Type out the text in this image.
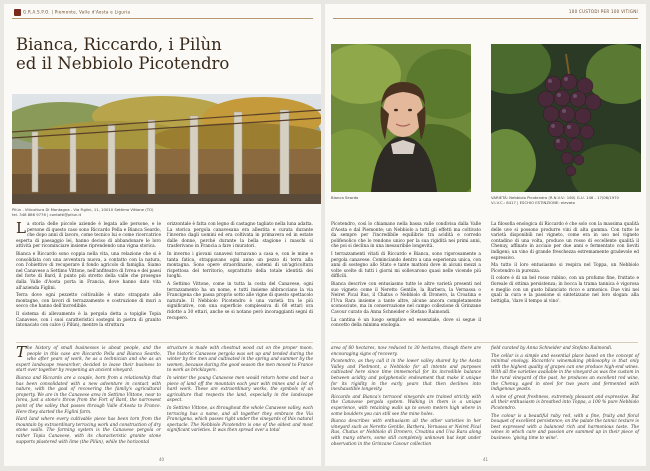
G.R.A.S.P.O. | Piemonte, Valle d'Aosta e Liguria
Bianca, Riccardo, i Pilùn
ed il Nebbiolo Picotendro
Pilùn - Viticoltura Di Montagna - Via Figlini, 11, 10010 Settimo Vittone (TO)
tel. 348 886 9776 | contatti@pilun.it

La storia delle piccole aziende è legata alle persone, e le persone di questo caso sono Riccardo Pella e Bianca Seardo, che dopo anni di lavoro, come tecnico lui e come ricercatrice esperta di paesaggio lei, hanno deciso di abbandonare le loro attività per ricominciare insieme riprendendo una vigna storica.

Bianca e Riccardo sono coppia nella vita, una relazione che si è consolidata con una avventura nuova, a contatto con la natura, con l'obiettivo di recuperare il fondo agricolo di famiglia. Siamo nel Canavese a Settimo Vittone, nell'anfiteatro di Ivrea e dei paesi del forte di Bard, il punto più stretto della valle che prosegue dalla Valle d'Aosta porta in Francia, dove hanno dato vita all'azienda Figlini.

Terra dove ogni pezzetto coltivabile è stato strappato alle montagne, con lavori di terrazzamento e costruzione di muri a secco che hanno dell'incredibile.

Il sistema di allevamento è la pergola detta a topiglie Topia Canavese, con i suoi caratteristici sostegni in pietra di granito intonacato con calce (i Pilùn), mentre la struttura

orizzontale è fatta con legno di castagno tagliato nella luna adatta. La storica pergola canavesana era allestita e curata durante l'inverno dagli uomini ed era coltivata in primavera ed in estate dalle donne, perché durante la bella stagione i maschi si trasferivano in Francia a fare i muratori.

In inverno i giovani canavesi tornavano a casa e, con le mine e tanta fatica, strappavano ogni anno un pezzo di terra alla montagna. Sono opere straordinarie, sistemi di un'agricoltura rispettosa del territorio, soprattutto della totale identità dei luoghi.

A Settimo Vittone, come in tutta la costa del Canavese, ogni terrazzamento ha un nome, e tutti insieme abbracciano la via Francigena che passa proprio sotto alle vigne di questo spettacolo naturale. Il Nebbiolo Picotendro è una varietà tra le più significative, con una superficie complessiva di 60 ettari ora ridotte a 30 ettari, anche se si notano però incoraggianti segni di recupero.

The history of small businesses is about people, and the people in this case are Riccardo Pella and Bianca Seardo, who after years of work, he as a technician and she as an expert landscape researcher, decided to leave their business to start over together by reopening an ancient vineyard.

Bianca and Riccardo are a couple, born from a relationship that has been consolidated with a new adventure in contact with nature, with the goal of recovering the family's agricultural property. We are in the Canavese area in Settimo Vittone, near to Ivrea, just a stone's throw from the Fort of Bard, the narrowest point of the valley that passes through Valle d'Aosta to France. Here they started the Figlini farm.

Hard land where every cultivable piece has been torn from the mountain by extraordinary terracing work and construction of dry stone walls. The farming system is the Canavese pergola or rather Topia Canavese, with its characteristic granite stone supports plastered with lime (the Pilùn), while the horizontal

structure is made with chestnut wood cut on the proper moon. The historic Canavese pergola was set up and tended during the winter by the men and cultivated in the spring and summer by the women, because during the good season the men moved to France to work as bricklayers.

In winter the young Canavese men would return home and tear a piece of land off the mountain each year with mines and a lot of hard work. These are extraordinary works, the symbols of an agriculture that respects the land, especially in the landscape aspect.

In Settimo Vittone, as throughout the whole Canavese valley, each terracing has a name, and all together they embrace the Via Francigena, which passes right under the vineyards of this natural spectacle. The Nebbiolo Picotendro is one of the oldest and most significant varieties. It was then spread over a total

40
100 CUSTODI PER 100 VITIGNI
Bianca Seardo	VARIETÀ: Nebbiolo Picotendro (R.N.V.V.: 160) G.U. 146 - 17/06/1970
V.I.V.C.: 8417 | ESCHIO ESTINZIONE: elevato

Picotendro, così lo chiamano nella bassa valle condivisa dalla Valle d'Aosta e dal Piemonte; un Nebbiolo a tutti gli effetti ma coltivato da sempre per l'incredibile equilibrio tra acidità e corredo polifenolico che lo rendono unico per la sua rigidità nei primi anni, che poi si declina in una inesauribile longevità.

I terrazzamenti vitati di Riccardo e Bianca, sono rigorosamente a pergola canavese. Cominciando dentro a una esperienza unica, con anni di sostegno allo Stato e tante mattoni dove in alcuni mezzi a volte scelte di tutti i giorni mi sollevarono quasi nelle vicende più difficili.

Bianca descrive con entusiasmo tutte le altre varietà presenti nel suo vigneto come il Neretto Gentile, la Barbera, la Vernassa o Neiret Pical Rus, il Chatus o Nebbiolo di Dronero, la Croatina e l'Uva Rara insieme a tante altre, alcune ancora completamente sconosciute, ma in conservazione nel campo collezione di Grinzane Cavour curato da Anna Schneider e Stefano Raimondi.

La cantina è un luogo semplice ed essenziale, dove si segue il concetto della minima enologia.

La filosofia enologica di Riccardo è che solo con la massima qualità delle uve si possono produrre vini di alta gamma. Con tutte le varietà disponibili nel vigneto, come era in uso nel vigneto contadino di una volta, produce un rosso di eccellente qualità il Chenuy, affinato in acciaio per due anni e fermentato con lieviti indigeni; un vino di grande freschezza estremamente gradevole ed espressivo.

Ma tutto il loro entusiasmo si respira nel Toppa, un Nebbiolo Picotendro in purezza.

Il colore è di un bel rosso rubino, con un profumo fine, fruttato e floreale di ottima persistenza; in bocca la trama tannica è vigorosa e meglio con un gusto bilanciato ricco e armonico. Due vini nei quali la cura e la passione si sintetizzano nel loro slogan: alla bottiglia, 'dare il tempo al vino'.

area of 60 hectares, now reduced to 30 hectares, though there are encouraging signs of recovery.

Picotendro, as they call it in the lower valley shared by the Aosta Valley and Piedmont, a Nebbiolo for all intents and purposes cultivated here since time immemorial for its incredible balance between acidity and polyphenolic endowment that make it unique for its rigidity in the early years that then declines into inexhaustible longevity.

Riccardo and Bianca's terraced vineyards are trained strictly with the Canavese pergola system. Walking in them is a unique experience, with retaining walls up to seven meters high where in some boulders you can still see the mine holes.

Bianca describes with enthusiasm all the other varieties in her vineyard such as Neretto Gentile, Barbera, Vernassa or Neiret Pical Rus, Chatus or Nebbiolo di Dronero, Croatina and Uva Rara along with many others, some still completely unknown but kept under observation in the Grinzane Cavour collection

field curated by Anna Schneider and Stefano Raimondi.

The cellar is a simple and essential place based on the concept of minimal enology. Riccardo's winemaking philosophy is that only with the highest quality of grapes can one produce high-end wines. With all the varieties available in the vineyard as was the custom in the rural vineyard of the past, he produces an excellent red wine, the Chenuy, aged in steel for two years and fermented with indigenous yeasts.

A wine of great freshness, extremely pleasant and expressive. But all their enthusiasm is breathed into Toppa, a 100 % pure Nebbiolo Picotendro.

The colour is a beautiful ruby red, with a fine, fruity and floral bouquet of excellent persistence; on the palate the tannic texture is best expressed with a balanced rich and harmonious taste. The wines in which care and passion are summed up in their piece of business: 'giving time to wine'.

41
